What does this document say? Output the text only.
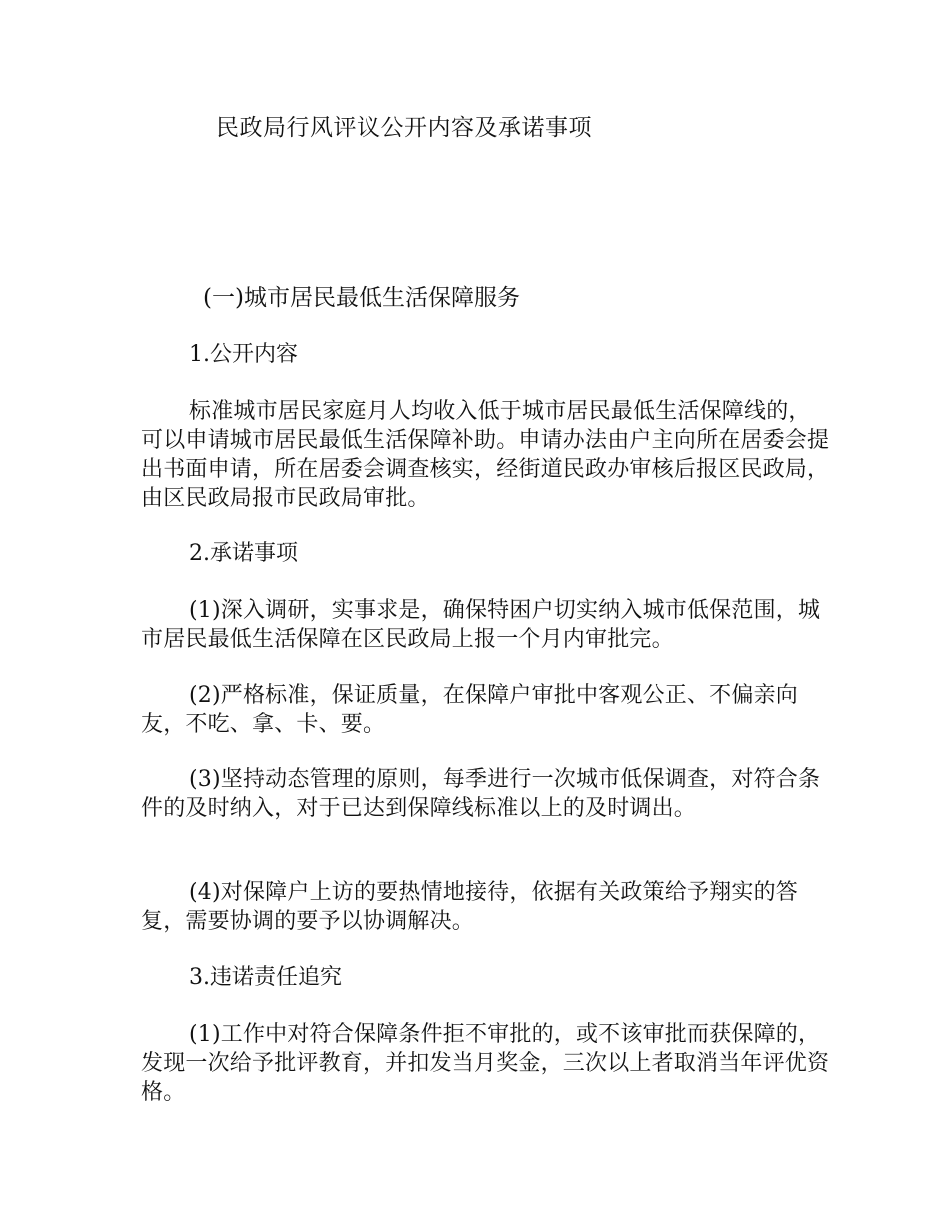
民政局行风评议公开内容及承诺事项
(一)城市居民最低生活保障服务
1.公开内容

标准城市居民家庭月人均收入低于城市居民最低生活保障线的，可以申请城市居民最低生活保障补助。申请办法由户主向所在居委会提出书面申请，所在居委会调查核实，经街道民政办审核后报区民政局，由区民政局报市民政局审批。

2.承诺事项

(1)深入调研，实事求是，确保特困户切实纳入城市低保范围，城市居民最低生活保障在区民政局上报一个月内审批完。

(2)严格标准，保证质量，在保障户审批中客观公正、不偏亲向友，不吃、拿、卡、要。

(3)坚持动态管理的原则，每季进行一次城市低保调查，对符合条件的及时纳入，对于已达到保障线标准以上的及时调出。

(4)对保障户上访的要热情地接待，依据有关政策给予翔实的答复，需要协调的要予以协调解决。

3.违诺责任追究

(1)工作中对符合保障条件拒不审批的，或不该审批而获保障的，发现一次给予批评教育，并扣发当月奖金，三次以上者取消当年评优资格。
